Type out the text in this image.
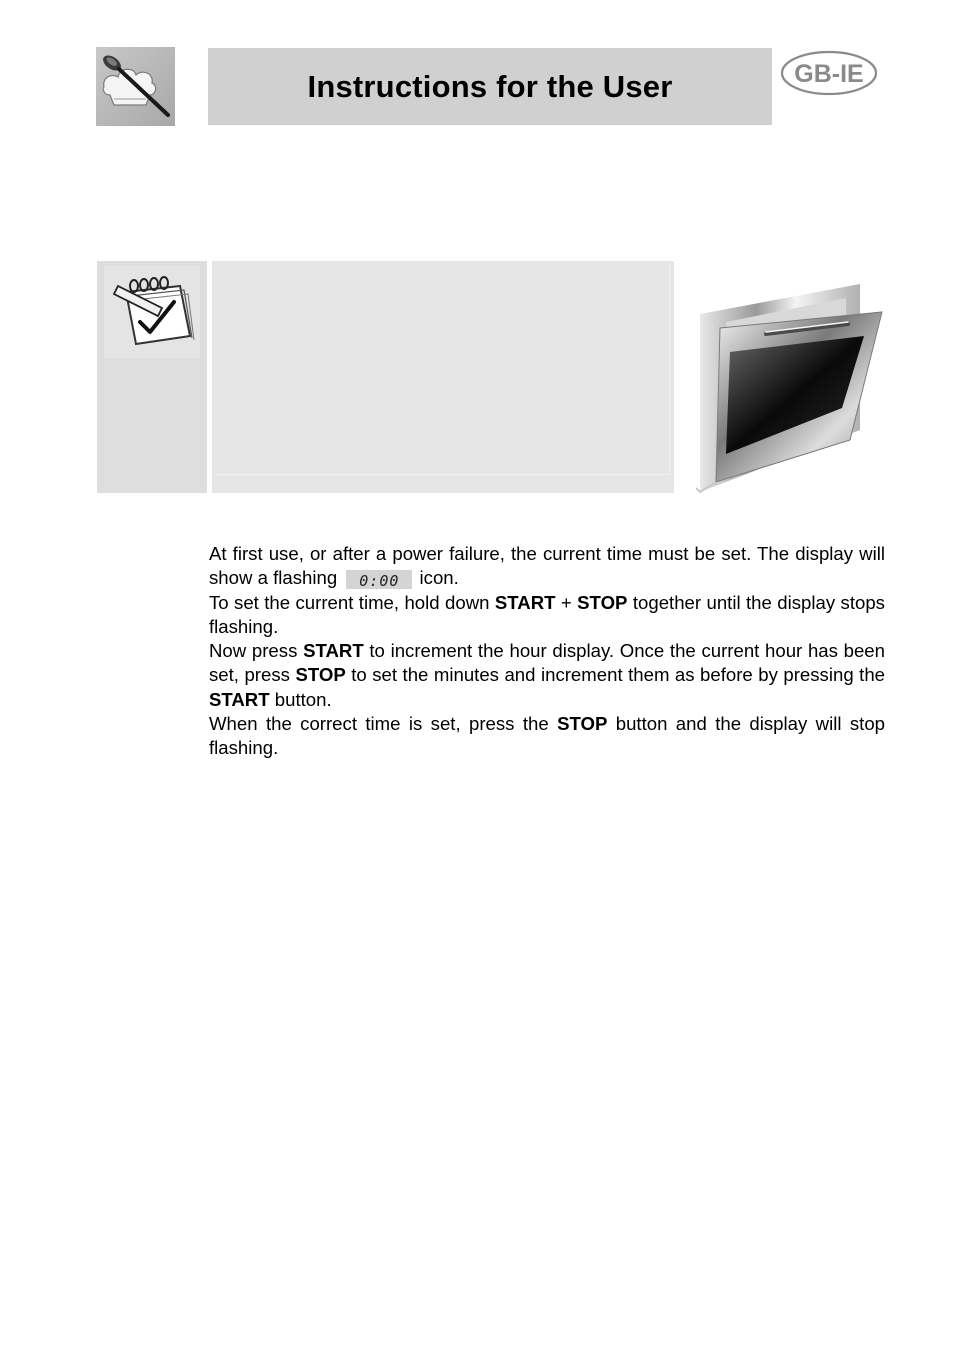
Instructions for the User	GB-IE

At first use, or after a power failure, the current time must be set. The display will show a flashing 0:00 icon.

To set the current time, hold down START + STOP together until the display stops flashing.

Now press START to increment the hour display. Once the current hour has been set, press STOP to set the minutes and increment them as before by pressing the START button.

When the correct time is set, press the STOP button and the display will stop flashing.
